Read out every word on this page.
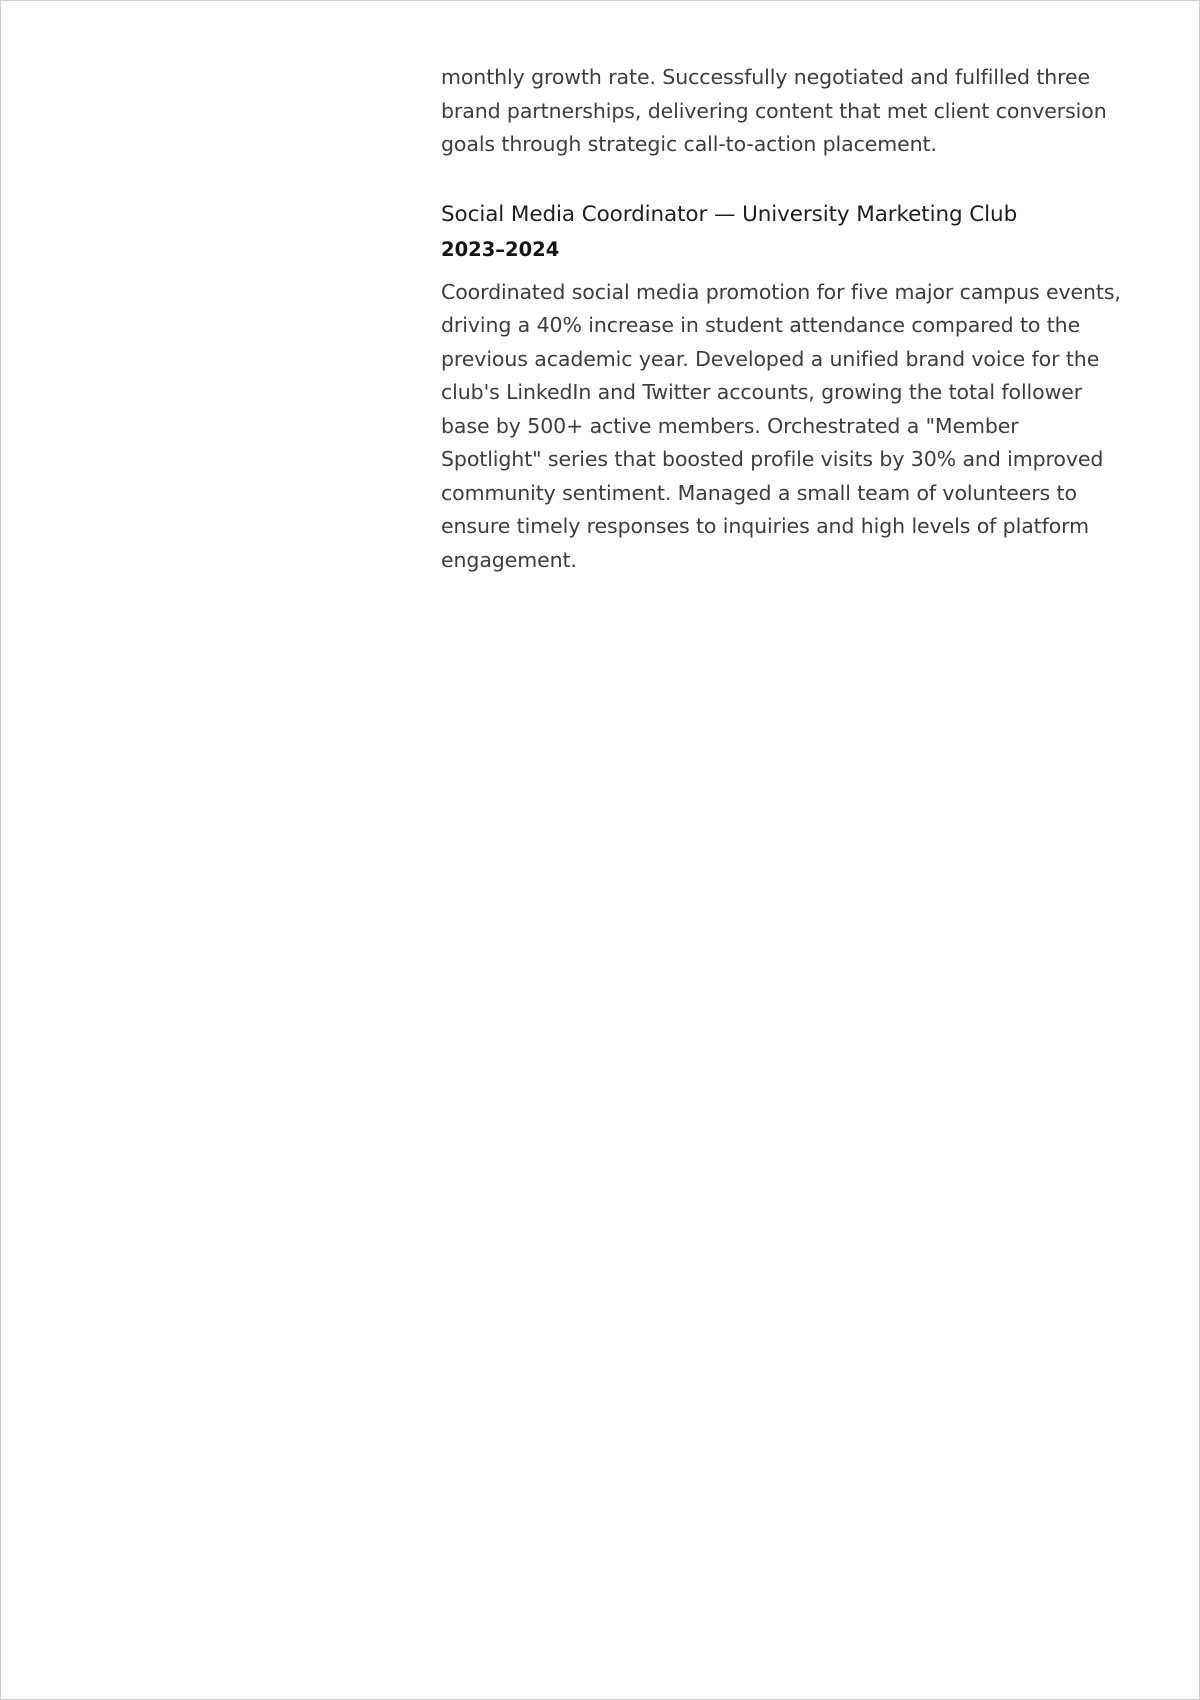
monthly growth rate. Successfully negotiated and fulfilled three brand partnerships, delivering content that met client conversion goals through strategic call-to-action placement.

Social Media Coordinator — University Marketing Club
2023–2024

Coordinated social media promotion for five major campus events, driving a 40% increase in student attendance compared to the previous academic year. Developed a unified brand voice for the club's LinkedIn and Twitter accounts, growing the total follower base by 500+ active members. Orchestrated a "Member Spotlight" series that boosted profile visits by 30% and improved community sentiment. Managed a small team of volunteers to ensure timely responses to inquiries and high levels of platform engagement.
